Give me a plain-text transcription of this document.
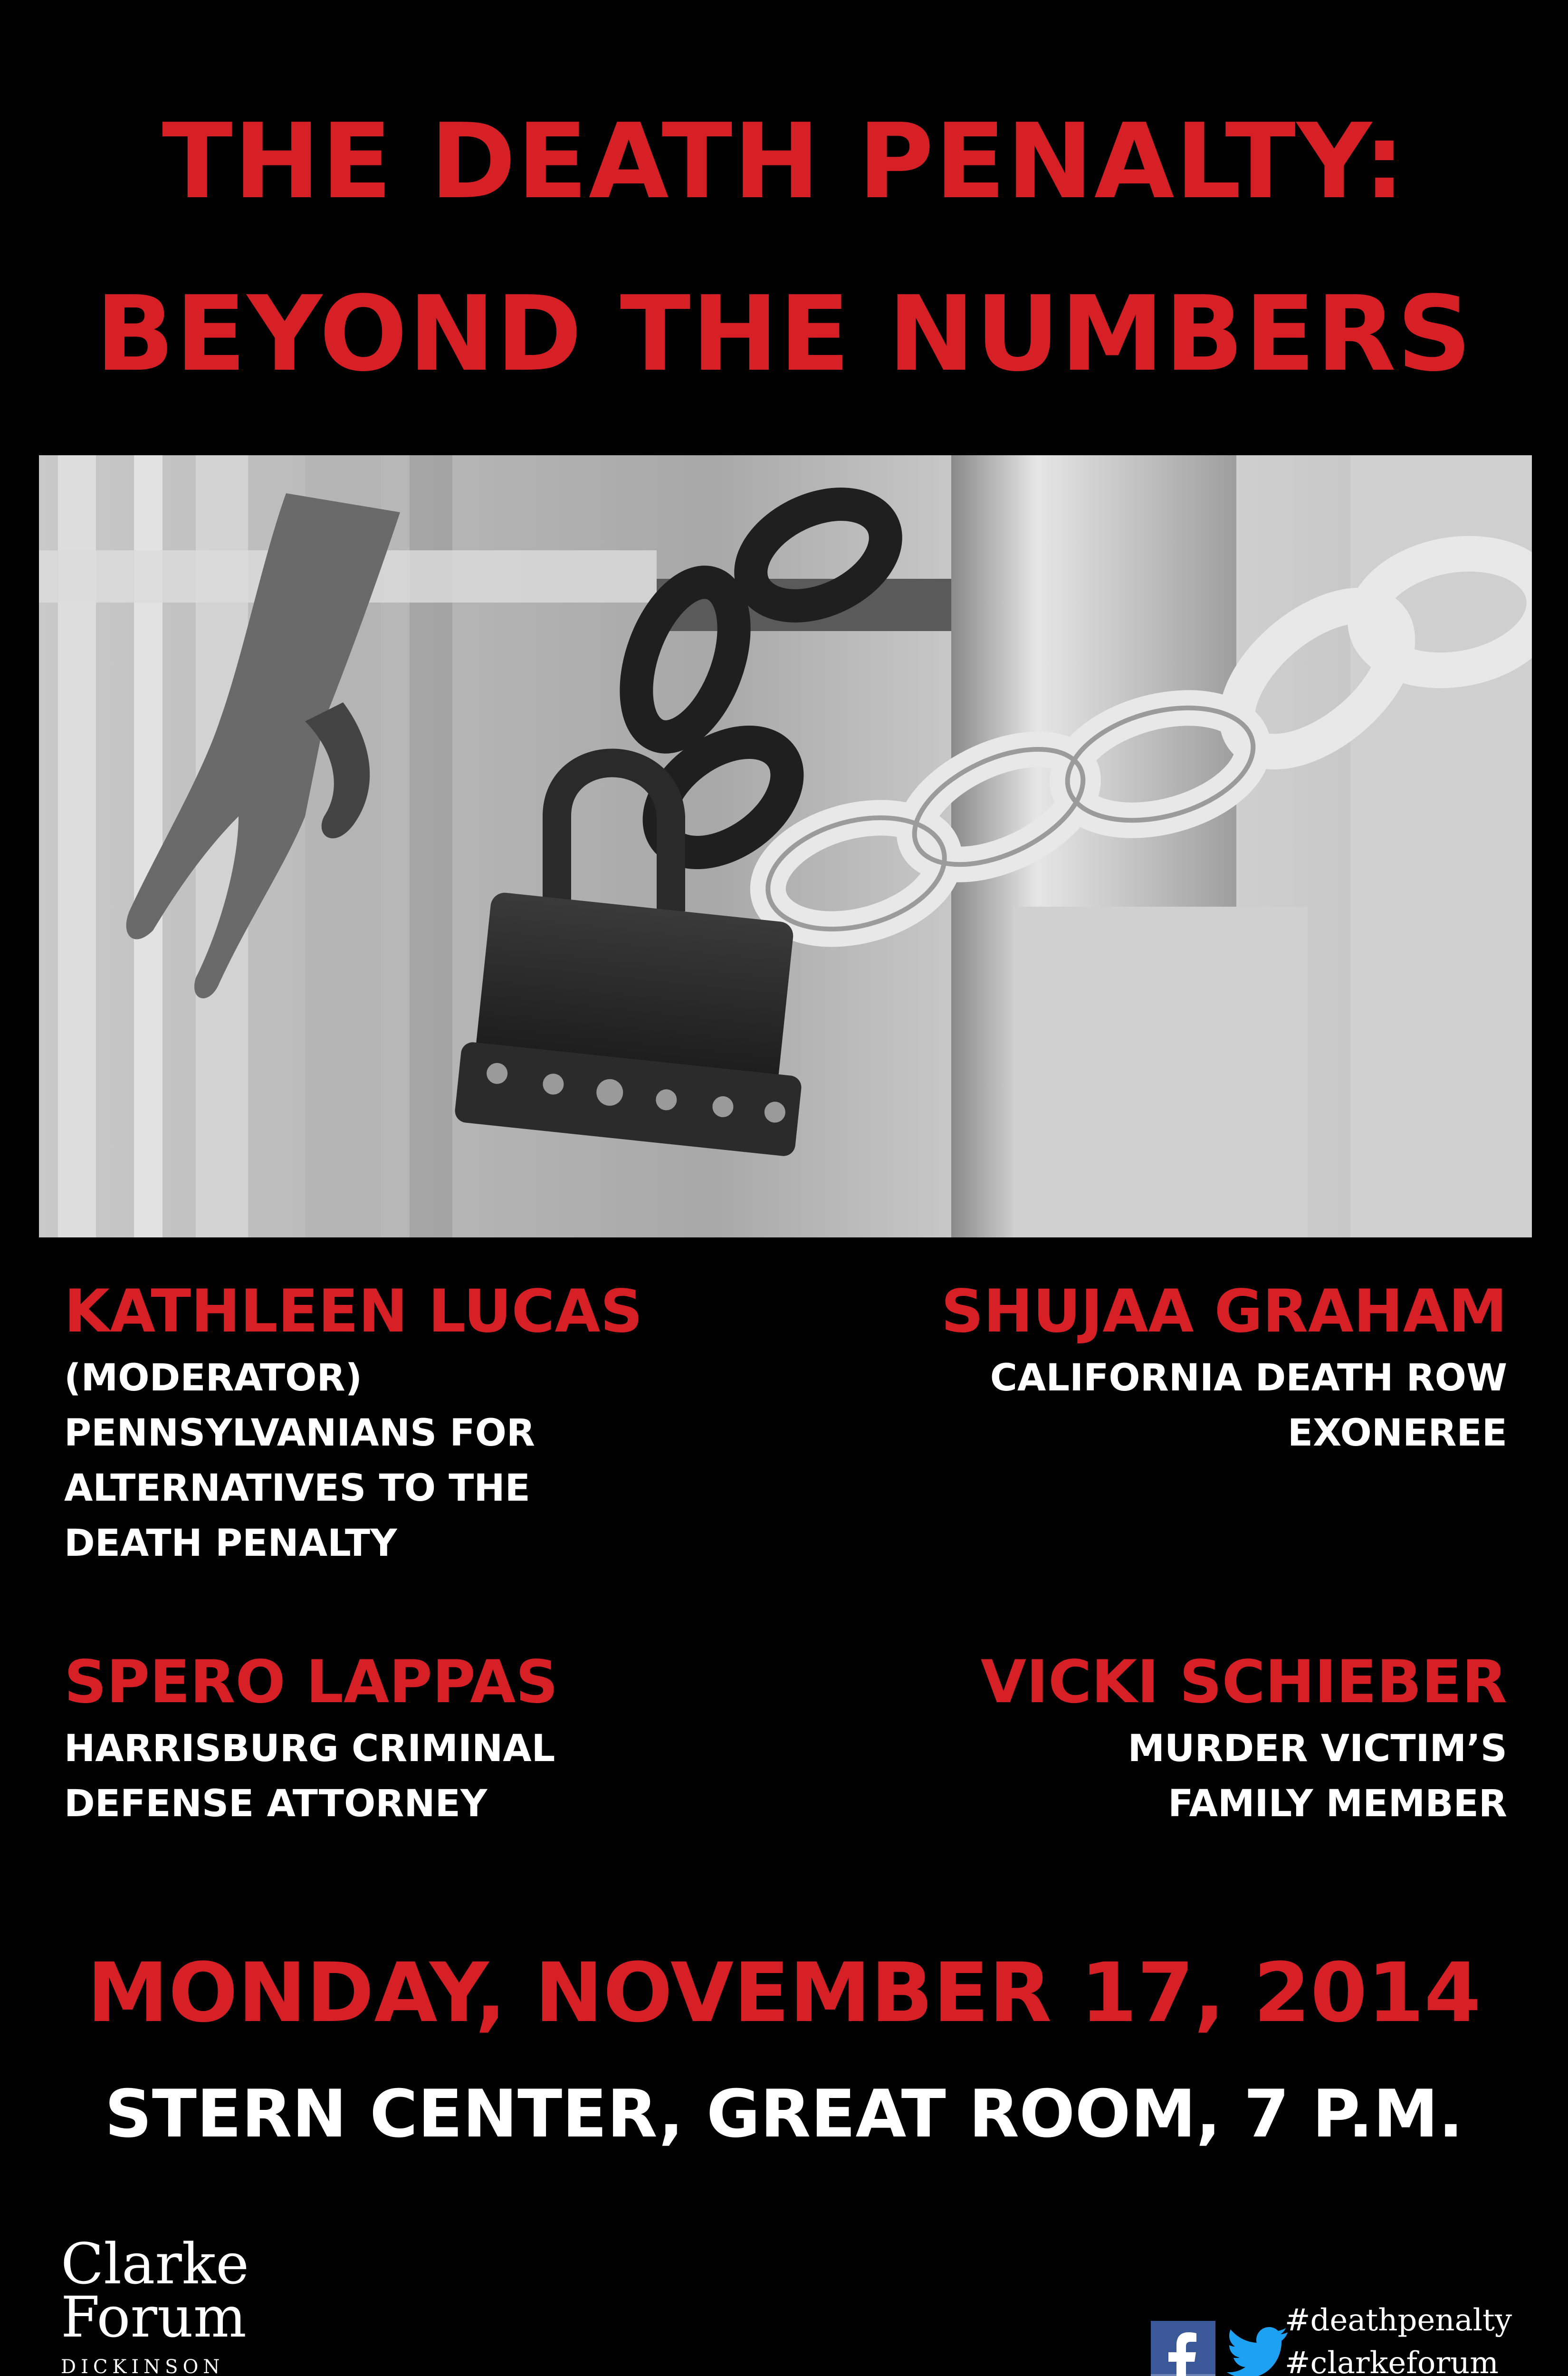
THE DEATH PENALTY:
BEYOND THE NUMBERS
KATHLEEN LUCAS
(MODERATOR)
PENNSYLVANIANS FOR
ALTERNATIVES TO THE
DEATH PENALTY
SHUJAA GRAHAM
CALIFORNIA DEATH ROW
EXONEREE
SPERO LAPPAS
HARRISBURG CRIMINAL
DEFENSE ATTORNEY
VICKI SCHIEBER
MURDER VICTIM’S
FAMILY MEMBER
MONDAY, NOVEMBER 17, 2014
STERN CENTER, GREAT ROOM, 7 P.M.
Clarke
Forum
DICKINSON
#deathpenalty
#clarkeforum
